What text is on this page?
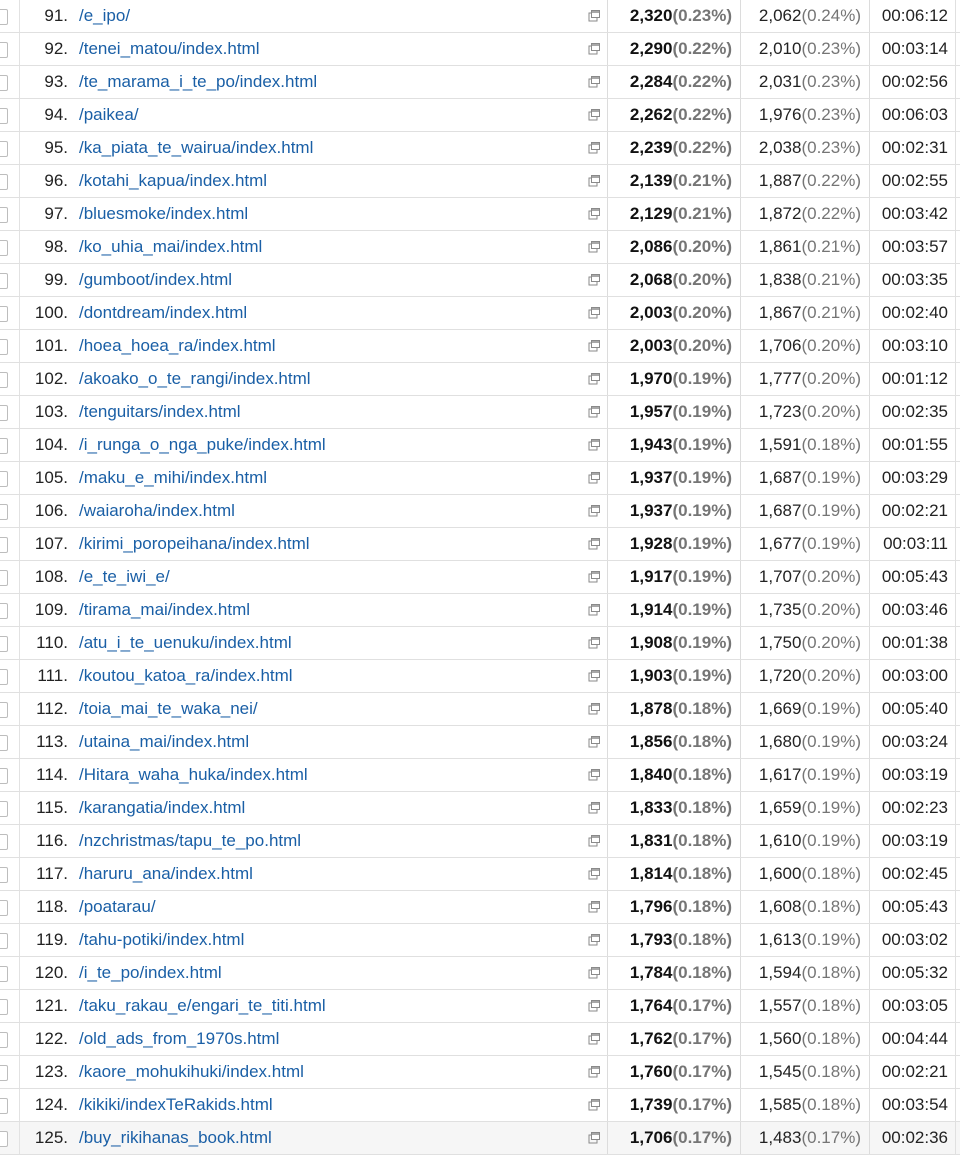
91. /e_ipo/	2,320(0.23%)	2,062(0.24%)	00:06:12
92. /tenei_matou/index.html	2,290(0.22%)	2,010(0.23%)	00:03:14
93. /te_marama_i_te_po/index.html	2,284(0.22%)	2,031(0.23%)	00:02:56
94. /paikea/	2,262(0.22%)	1,976(0.23%)	00:06:03
95. /ka_piata_te_wairua/index.html	2,239(0.22%)	2,038(0.23%)	00:02:31
96. /kotahi_kapua/index.html	2,139(0.21%)	1,887(0.22%)	00:02:55
97. /bluesmoke/index.html	2,129(0.21%)	1,872(0.22%)	00:03:42
98. /ko_uhia_mai/index.html	2,086(0.20%)	1,861(0.21%)	00:03:57
99. /gumboot/index.html	2,068(0.20%)	1,838(0.21%)	00:03:35
100. /dontdream/index.html	2,003(0.20%)	1,867(0.21%)	00:02:40
101. /hoea_hoea_ra/index.html	2,003(0.20%)	1,706(0.20%)	00:03:10
102. /akoako_o_te_rangi/index.html	1,970(0.19%)	1,777(0.20%)	00:01:12
103. /tenguitars/index.html	1,957(0.19%)	1,723(0.20%)	00:02:35
104. /i_runga_o_nga_puke/index.html	1,943(0.19%)	1,591(0.18%)	00:01:55
105. /maku_e_mihi/index.html	1,937(0.19%)	1,687(0.19%)	00:03:29
106. /waiaroha/index.html	1,937(0.19%)	1,687(0.19%)	00:02:21
107. /kirimi_poropeihana/index.html	1,928(0.19%)	1,677(0.19%)	00:03:11
108. /e_te_iwi_e/	1,917(0.19%)	1,707(0.20%)	00:05:43
109. /tirama_mai/index.html	1,914(0.19%)	1,735(0.20%)	00:03:46
110. /atu_i_te_uenuku/index.html	1,908(0.19%)	1,750(0.20%)	00:01:38
111. /koutou_katoa_ra/index.html	1,903(0.19%)	1,720(0.20%)	00:03:00
112. /toia_mai_te_waka_nei/	1,878(0.18%)	1,669(0.19%)	00:05:40
113. /utaina_mai/index.html	1,856(0.18%)	1,680(0.19%)	00:03:24
114. /Hitara_waha_huka/index.html	1,840(0.18%)	1,617(0.19%)	00:03:19
115. /karangatia/index.html	1,833(0.18%)	1,659(0.19%)	00:02:23
116. /nzchristmas/tapu_te_po.html	1,831(0.18%)	1,610(0.19%)	00:03:19
117. /haruru_ana/index.html	1,814(0.18%)	1,600(0.18%)	00:02:45
118. /poatarau/	1,796(0.18%)	1,608(0.18%)	00:05:43
119. /tahu-potiki/index.html	1,793(0.18%)	1,613(0.19%)	00:03:02
120. /i_te_po/index.html	1,784(0.18%)	1,594(0.18%)	00:05:32
121. /taku_rakau_e/engari_te_titi.html	1,764(0.17%)	1,557(0.18%)	00:03:05
122. /old_ads_from_1970s.html	1,762(0.17%)	1,560(0.18%)	00:04:44
123. /kaore_mohukihuki/index.html	1,760(0.17%)	1,545(0.18%)	00:02:21
124. /kikiki/indexTeRakids.html	1,739(0.17%)	1,585(0.18%)	00:03:54
125. /buy_rikihanas_book.html	1,706(0.17%)	1,483(0.17%)	00:02:36
